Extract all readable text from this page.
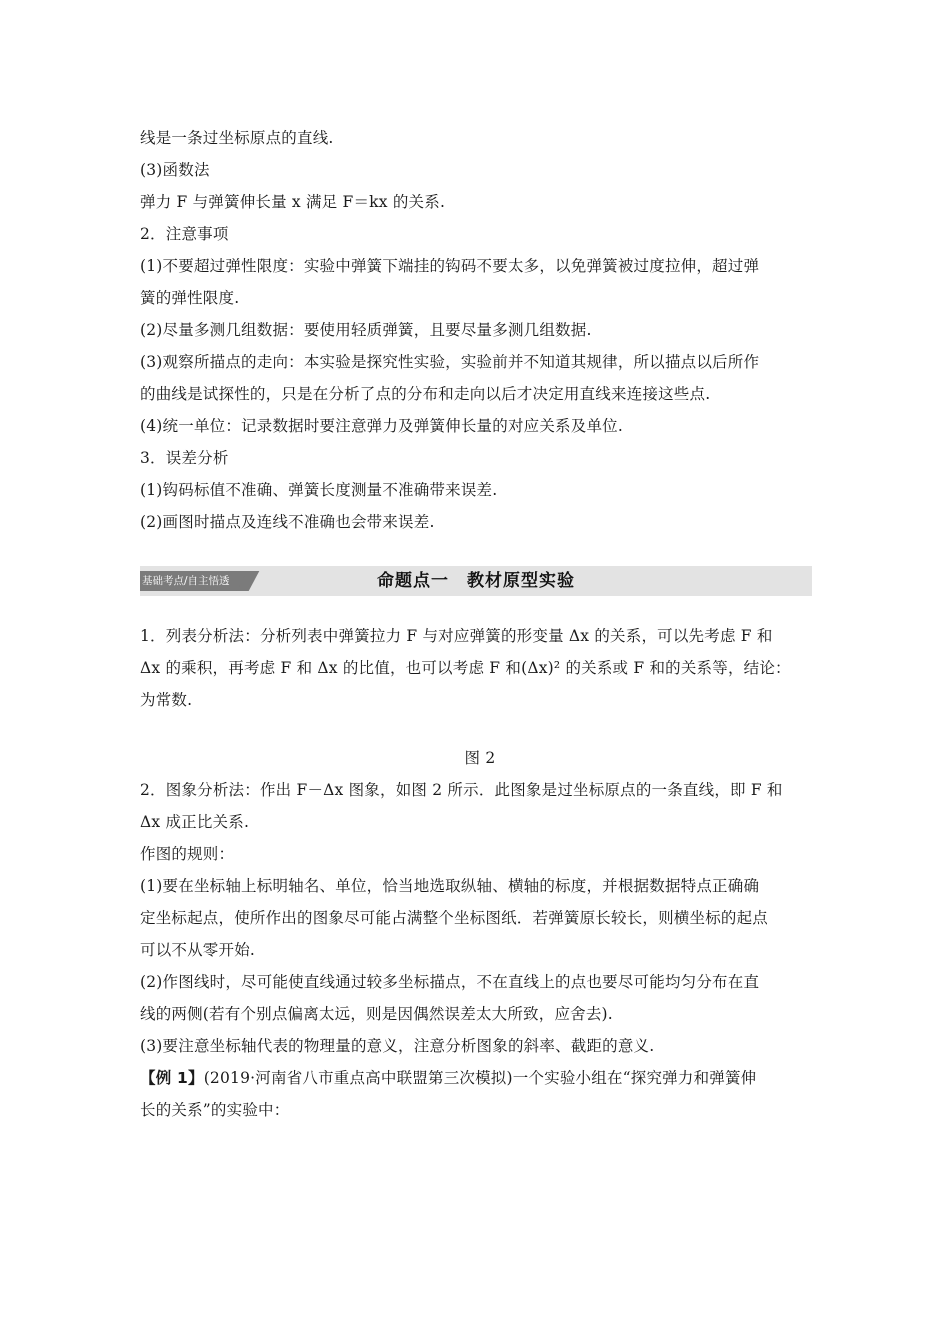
线是一条过坐标原点的直线.
(3)函数法
弹力 F 与弹簧伸长量 x 满足 F＝kx 的关系.
2．注意事项
(1)不要超过弹性限度：实验中弹簧下端挂的钩码不要太多，以免弹簧被过度拉伸，超过弹
簧的弹性限度.
(2)尽量多测几组数据：要使用轻质弹簧，且要尽量多测几组数据.
(3)观察所描点的走向：本实验是探究性实验，实验前并不知道其规律，所以描点以后所作
的曲线是试探性的，只是在分析了点的分布和走向以后才决定用直线来连接这些点.
(4)统一单位：记录数据时要注意弹力及弹簧伸长量的对应关系及单位.
3．误差分析
(1)钩码标值不准确、弹簧长度测量不准确带来误差.
(2)画图时描点及连线不准确也会带来误差.
基础考点/自主悟透	命题点一　教材原型实验
1．列表分析法：分析列表中弹簧拉力 F 与对应弹簧的形变量 Δx 的关系，可以先考虑 F 和
Δx 的乘积，再考虑 F 和 Δx 的比值，也可以考虑 F 和(Δx)² 的关系或 F 和的关系等，结论：
为常数.
图 2
2．图象分析法：作出 F－Δx 图象，如图 2 所示．此图象是过坐标原点的一条直线，即 F 和
Δx 成正比关系.
作图的规则：
(1)要在坐标轴上标明轴名、单位，恰当地选取纵轴、横轴的标度，并根据数据特点正确确
定坐标起点，使所作出的图象尽可能占满整个坐标图纸．若弹簧原长较长，则横坐标的起点
可以不从零开始.
(2)作图线时，尽可能使直线通过较多坐标描点，不在直线上的点也要尽可能均匀分布在直
线的两侧(若有个别点偏离太远，则是因偶然误差太大所致，应舍去).
(3)要注意坐标轴代表的物理量的意义，注意分析图象的斜率、截距的意义.
【例 1】(2019·河南省八市重点高中联盟第三次模拟)一个实验小组在“探究弹力和弹簧伸
长的关系”的实验中：
